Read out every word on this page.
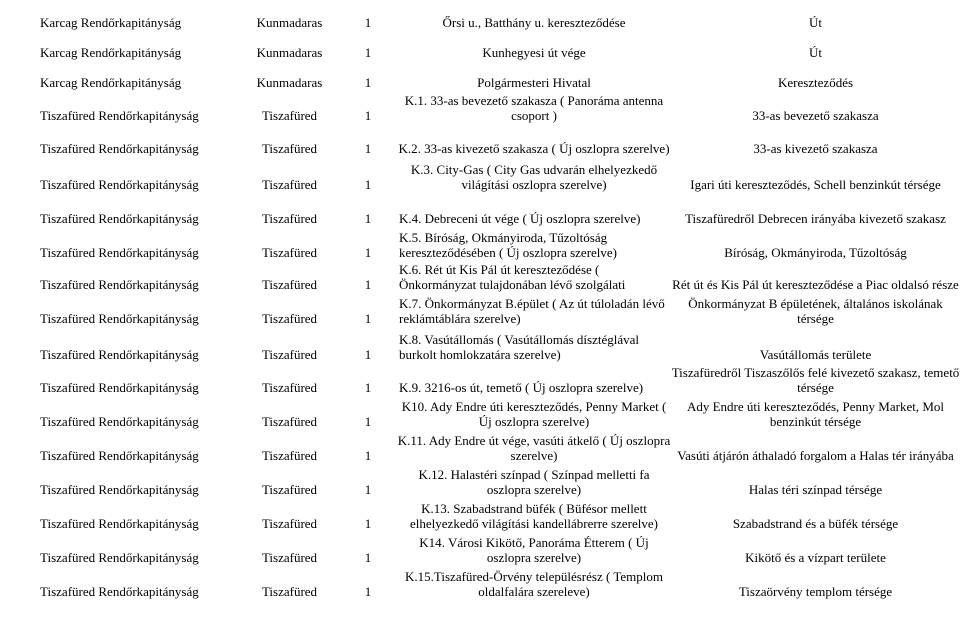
Karcag Rendőrkapitányság	Kunmadaras	1	Őrsi u., Batthány u. kereszteződése	Út
Karcag Rendőrkapitányság	Kunmadaras	1	Kunhegyesi út vége	Út
Karcag Rendőrkapitányság	Kunmadaras	1	Polgármesteri Hivatal	Kereszteződés
Tiszafüred Rendőrkapitányság	Tiszafüred	1	K.1. 33-as bevezető szakasza ( Panoráma antenna csoport )	33-as bevezető szakasza
Tiszafüred Rendőrkapitányság	Tiszafüred	1	K.2. 33-as kivezető szakasza ( Új oszlopra szerelve)	33-as kivezető szakasza
Tiszafüred Rendőrkapitányság	Tiszafüred	1	K.3. City-Gas ( City Gas udvarán elhelyezkedő világítási oszlopra szerelve)	Igari úti kereszteződés, Schell benzinkút térsége
Tiszafüred Rendőrkapitányság	Tiszafüred	1	K.4. Debreceni út vége ( Új oszlopra szerelve)	Tiszafüredről Debrecen irányába kivezető szakasz
Tiszafüred Rendőrkapitányság	Tiszafüred	1	K.5. Bíróság, Okmányiroda, Tűzoltóság kereszteződésében ( Új oszlopra szerelve)	Bíróság, Okmányiroda, Tűzoltóság
Tiszafüred Rendőrkapitányság	Tiszafüred	1	K.6. Rét út Kis Pál út kereszteződése ( Önkormányzat tulajdonában lévő szolgálati	Rét út és Kis Pál út kereszteződése a Piac oldalsó része
Tiszafüred Rendőrkapitányság	Tiszafüred	1	K.7. Önkormányzat B.épület ( Az út túloladán lévő reklámtáblára szerelve)	Önkormányzat B épületének, általános iskolának térsége
Tiszafüred Rendőrkapitányság	Tiszafüred	1	K.8. Vasútállomás ( Vasútállomás dísztéglával burkolt homlokzatára szerelve)	Vasútállomás területe
Tiszafüred Rendőrkapitányság	Tiszafüred	1	K.9. 3216-os út, temető ( Új oszlopra szerelve)	Tiszafüredről Tiszaszőlős felé kivezető szakasz, temető térsége
Tiszafüred Rendőrkapitányság	Tiszafüred	1	K10. Ady Endre úti kereszteződés, Penny Market ( Új oszlopra szerelve)	Ady Endre úti kereszteződés, Penny Market, Mol benzinkút térsége
Tiszafüred Rendőrkapitányság	Tiszafüred	1	K.11. Ady Endre út vége, vasúti átkelő ( Új oszlopra szerelve)	Vasúti átjárón áthaladó forgalom a Halas tér irányába
Tiszafüred Rendőrkapitányság	Tiszafüred	1	K.12. Halastéri színpad ( Színpad melletti fa oszlopra szerelve)	Halas téri színpad térsége
Tiszafüred Rendőrkapitányság	Tiszafüred	1	K.13. Szabadstrand büfék ( Büfésor mellett elhelyezkedő világítási kandellábrerre szerelve)	Szabadstrand és a büfék térsége
Tiszafüred Rendőrkapitányság	Tiszafüred	1	K14. Városi Kikötő, Panoráma Étterem ( Új oszlopra szerelve)	Kikötő és a vízpart területe
Tiszafüred Rendőrkapitányság	Tiszafüred	1	K.15.Tiszafüred-Örvény településrész ( Templom oldalfalára szereleve)	Tiszaörvény templom térsége
